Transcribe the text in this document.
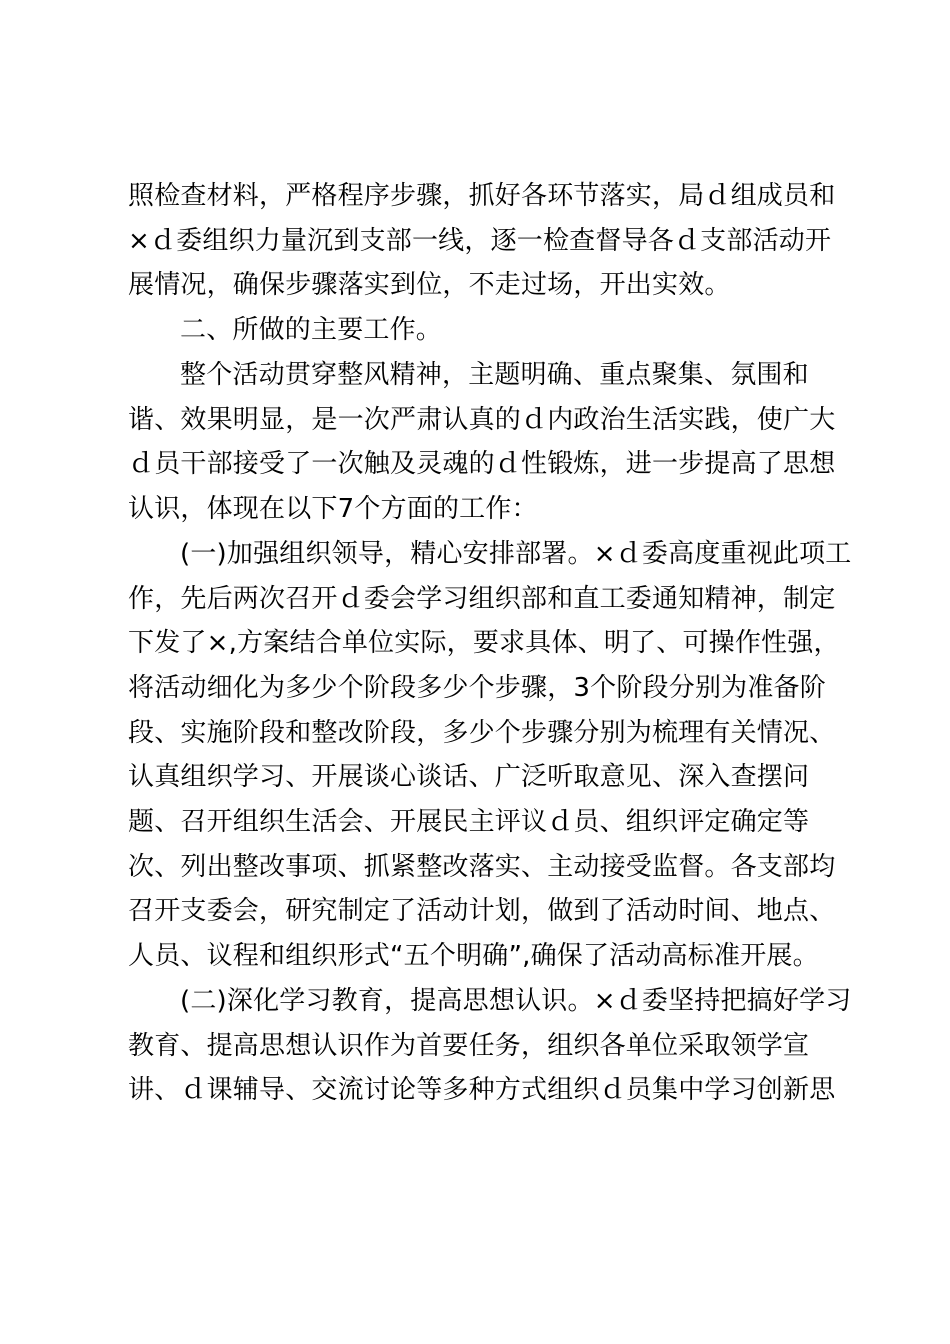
照检查材料，严格程序步骤，抓好各环节落实，局ｄ组成员和
×ｄ委组织力量沉到支部一线，逐一检查督导各ｄ支部活动开
展情况，确保步骤落实到位，不走过场，开出实效。
二、所做的主要工作。
整个活动贯穿整风精神，主题明确、重点聚集、氛围和
谐、效果明显，是一次严肃认真的ｄ内政治生活实践，使广大
ｄ员干部接受了一次触及灵魂的ｄ性锻炼，进一步提高了思想
认识，体现在以下7个方面的工作：
(一)加强组织领导，精心安排部署。×ｄ委高度重视此项工
作，先后两次召开ｄ委会学习组织部和直工委通知精神，制定
下发了×,方案结合单位实际，要求具体、明了、可操作性强，
将活动细化为多少个阶段多少个步骤，3个阶段分别为准备阶
段、实施阶段和整改阶段，多少个步骤分别为梳理有关情况、
认真组织学习、开展谈心谈话、广泛听取意见、深入查摆问
题、召开组织生活会、开展民主评议ｄ员、组织评定确定等
次、列出整改事项、抓紧整改落实、主动接受监督。各支部均
召开支委会，研究制定了活动计划，做到了活动时间、地点、
人员、议程和组织形式“五个明确”,确保了活动高标准开展。
(二)深化学习教育，提高思想认识。×ｄ委坚持把搞好学习
教育、提高思想认识作为首要任务，组织各单位采取领学宣
讲、ｄ课辅导、交流讨论等多种方式组织ｄ员集中学习创新思
